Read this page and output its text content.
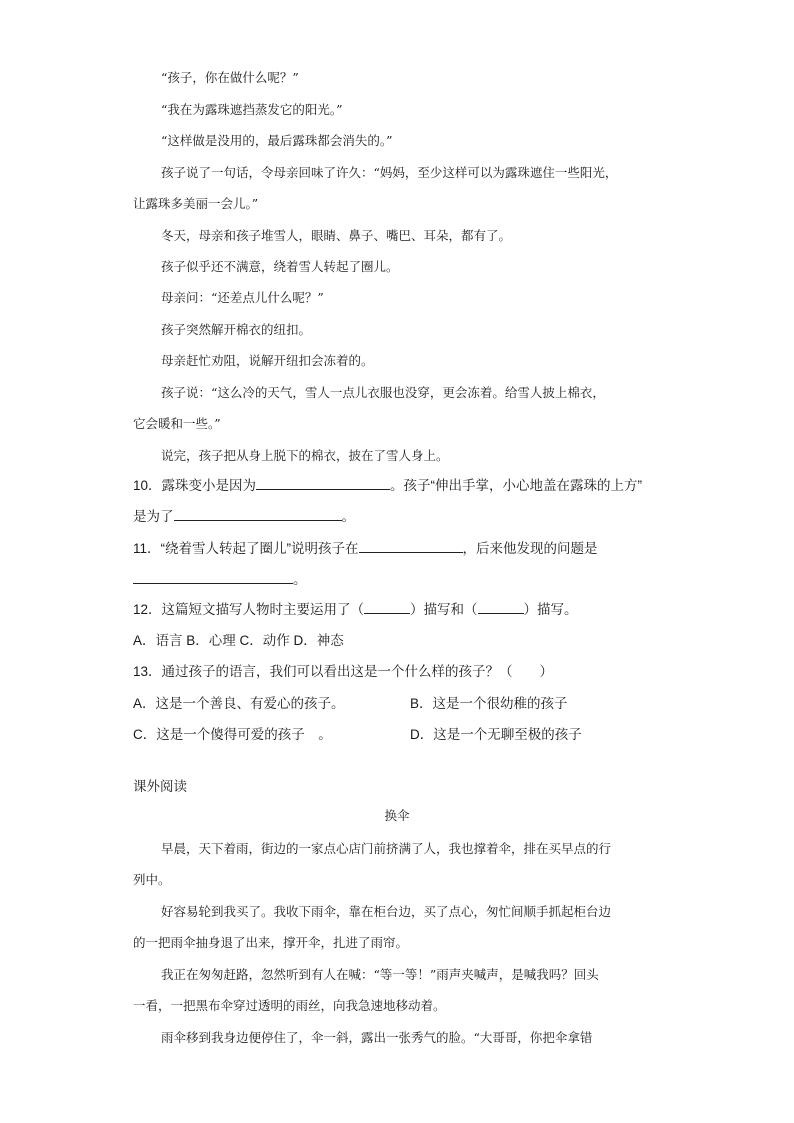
“孩子，你在做什么呢？”
“我在为露珠遮挡蒸发它的阳光。”
“这样做是没用的，最后露珠都会消失的。”
孩子说了一句话，令母亲回味了许久：“妈妈，至少这样可以为露珠遮住一些阳光，
让露珠多美丽一会儿。”
冬天，母亲和孩子堆雪人，眼睛、鼻子、嘴巴、耳朵，都有了。
孩子似乎还不满意，绕着雪人转起了圈儿。
母亲问：“还差点儿什么呢？”
孩子突然解开棉衣的纽扣。
母亲赶忙劝阻，说解开纽扣会冻着的。
孩子说：“这么冷的天气，雪人一点儿衣服也没穿，更会冻着。给雪人披上棉衣，
它会暖和一些。”
说完，孩子把从身上脱下的棉衣，披在了雪人身上。
10．露珠变小是因为	。孩子“伸出手掌，小心地盖在露珠的上方”
是为了	。
11．“绕着雪人转起了圈儿”说明孩子在	，后来他发现的问题是
。
12．这篇短文描写人物时主要运用了（	）描写和（	）描写。
A．语言 B．心理 C．动作 D．神态
13．通过孩子的语言，我们可以看出这是一个什么样的孩子？（　　）
A．这是一个善良、有爱心的孩子。	B．这是一个很幼稚的孩子
C．这是一个傻得可爱的孩子　。	D．这是一个无聊至极的孩子
课外阅读
换伞
早晨，天下着雨，街边的一家点心店门前挤满了人，我也撑着伞，排在买早点的行
列中。
好容易轮到我买了。我收下雨伞，靠在柜台边，买了点心，匆忙间顺手抓起柜台边
的一把雨伞抽身退了出来，撑开伞，扎进了雨帘。
我正在匆匆赶路，忽然听到有人在喊：“等一等！”雨声夹喊声，是喊我吗？回头
一看，一把黑布伞穿过透明的雨丝，向我急速地移动着。
雨伞移到我身边便停住了，伞一斜，露出一张秀气的脸。“大哥哥，你把伞拿错
